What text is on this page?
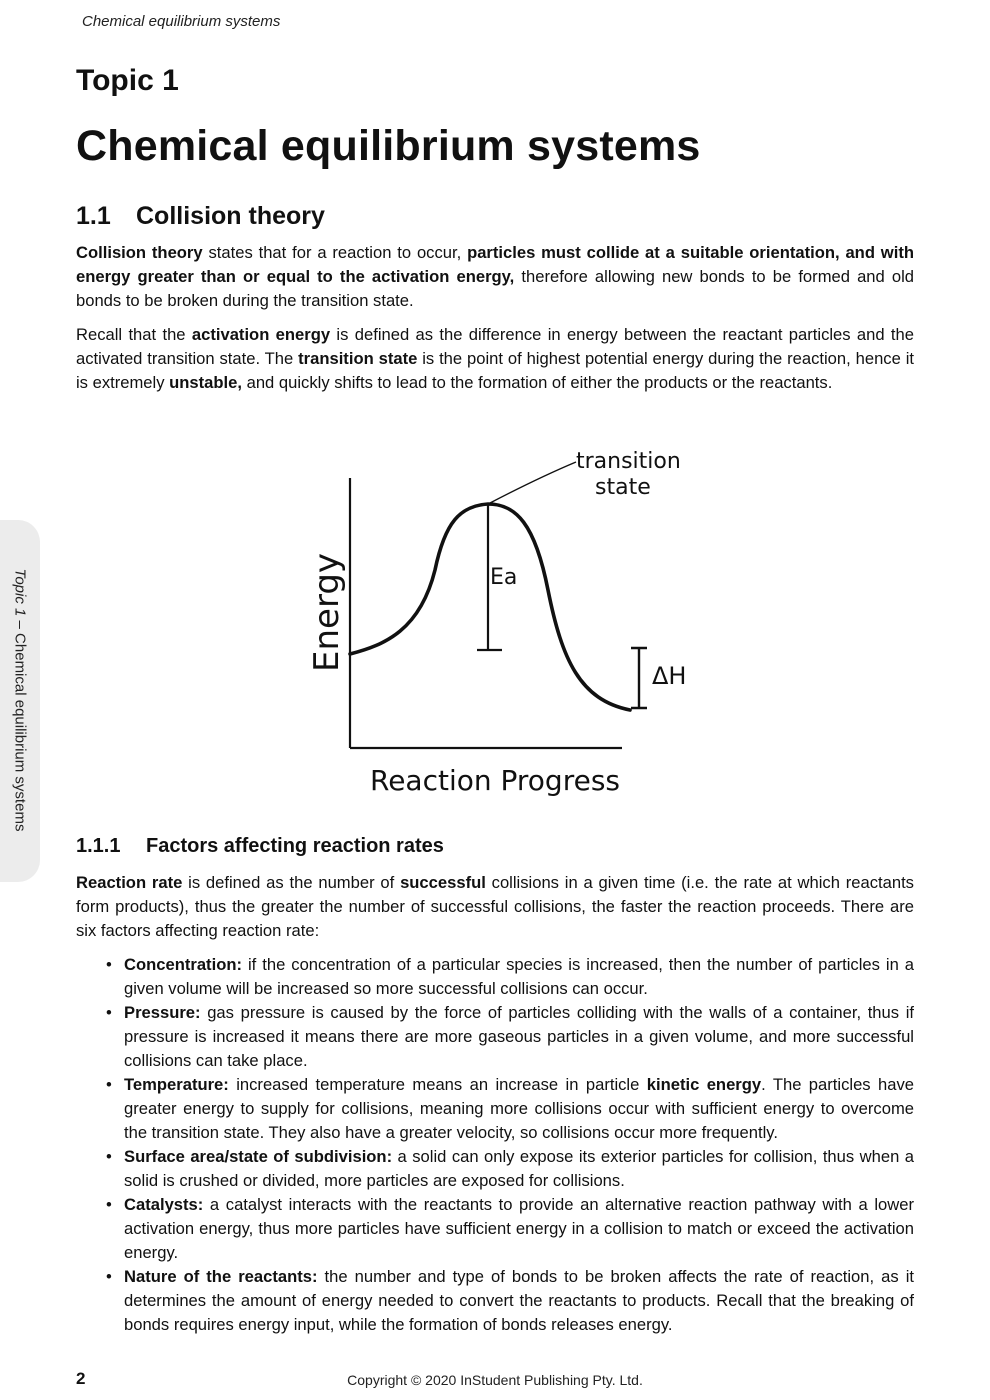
Chemical equilibrium systems
Topic 1
Chemical equilibrium systems
1.1 Collision theory

Collision theory states that for a reaction to occur, particles must collide at a suitable orientation, and with energy greater than or equal to the activation energy, therefore allowing new bonds to be formed and old bonds to be broken during the transition state.

Recall that the activation energy is defined as the difference in energy between the reactant particles and the activated transition state. The transition state is the point of highest potential energy during the reaction, hence it is extremely unstable, and quickly shifts to lead to the formation of either the products or the reactants.

transition
state
Ea
ΔH
Energy
Reaction Progress
1.1.1 Factors affecting reaction rates

Reaction rate is defined as the number of successful collisions in a given time (i.e. the rate at which reactants form products), thus the greater the number of successful collisions, the faster the reaction proceeds. There are six factors affecting reaction rate:

• Concentration: if the concentration of a particular species is increased, then the number of particles in a given volume will be increased so more successful collisions can occur.
• Pressure: gas pressure is caused by the force of particles colliding with the walls of a container, thus if pressure is increased it means there are more gaseous particles in a given volume, and more successful collisions can take place.
• Temperature: increased temperature means an increase in particle kinetic energy. The particles have greater energy to supply for collisions, meaning more collisions occur with sufficient energy to overcome the transition state. They also have a greater velocity, so collisions occur more frequently.
• Surface area/state of subdivision: a solid can only expose its exterior particles for collision, thus when a solid is crushed or divided, more particles are exposed for collisions.
• Catalysts: a catalyst interacts with the reactants to provide an alternative reaction pathway with a lower activation energy, thus more particles have sufficient energy in a collision to match or exceed the activation energy.
• Nature of the reactants: the number and type of bonds to be broken affects the rate of reaction, as it determines the amount of energy needed to convert the reactants to products. Recall that the breaking of bonds requires energy input, while the formation of bonds releases energy.
Topic 1 – Chemical equilibrium systems
2	Copyright © 2020 InStudent Publishing Pty. Ltd.
